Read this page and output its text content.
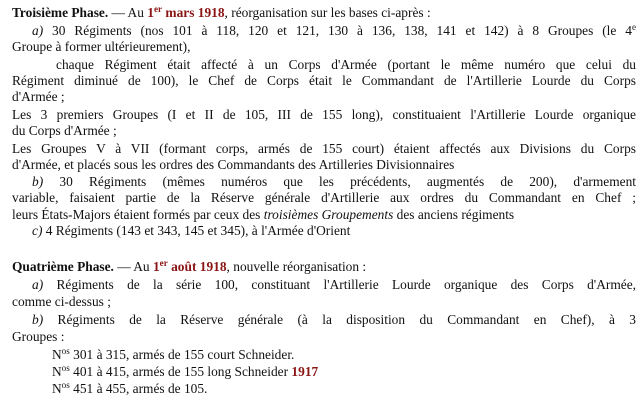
Troisième Phase. — Au 1er mars 1918, réorganisation sur les bases ci-après :
a) 30 Régiments (nos 101 à 118, 120 et 121, 130 à 136, 138, 141 et 142) à 8 Groupes (le 4e
Groupe à former ultérieurement),
chaque Régiment était affecté à un Corps d'Armée (portant le même numéro que celui du
Régiment diminué de 100), le Chef de Corps était le Commandant de l'Artillerie Lourde du Corps
d'Armée ;
Les 3 premiers Groupes (I et II de 105, III de 155 long), constituaient l'Artillerie Lourde organique
du Corps d'Armée ;
Les Groupes V à VII (formant corps, armés de 155 court) étaient affectés aux Divisions du Corps
d'Armée, et placés sous les ordres des Commandants des Artilleries Divisionnaires
b) 30 Régiments (mêmes numéros que les précédents, augmentés de 200), d'armement
variable, faisaient partie de la Réserve générale d'Artillerie aux ordres du Commandant en Chef ;
leurs États-Majors étaient formés par ceux des troisièmes Groupements des anciens régiments
c) 4 Régiments (143 et 343, 145 et 345), à l'Armée d'Orient
Quatrième Phase. — Au 1er août 1918, nouvelle réorganisation :
a) Régiments de la série 100, constituant l'Artillerie Lourde organique des Corps d'Armée,
comme ci-dessus ;
b) Régiments de la Réserve générale (à la disposition du Commandant en Chef), à 3
Groupes :
$N^{os}$ 301 à 315, armés de 155 court Schneider.
$N^{os}$ 401 à 415, armés de 155 long Schneider 1917
$N^{os}$ 451 à 455, armés de 105.
